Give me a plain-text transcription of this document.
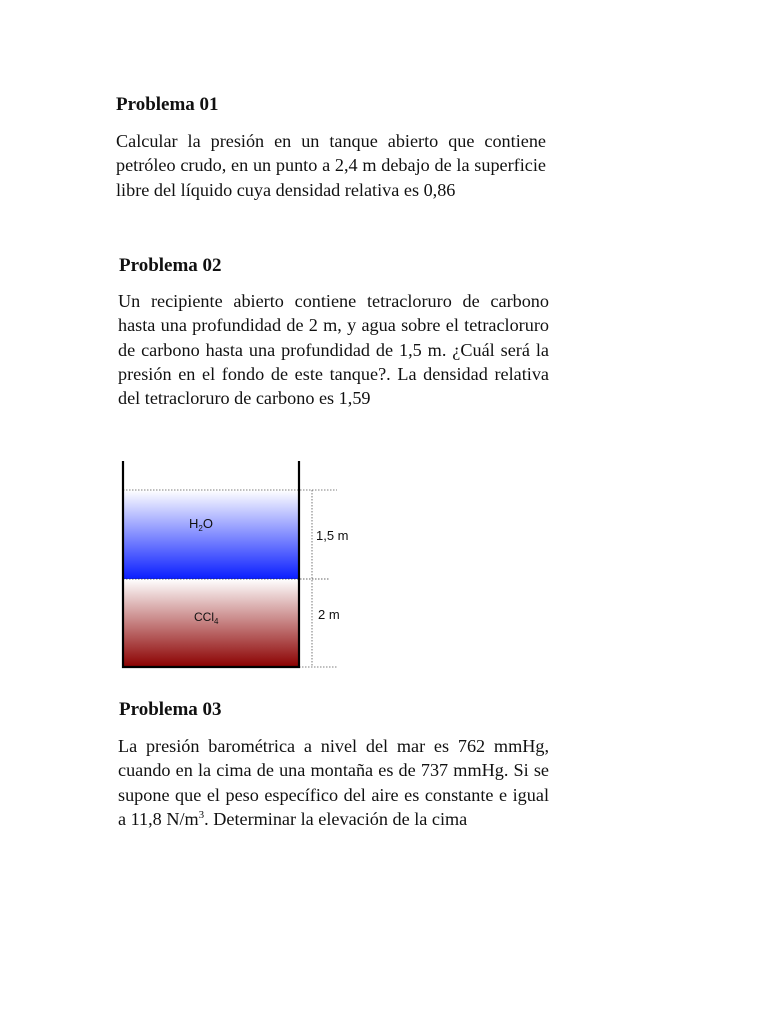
Problema 01

Calcular la presión en un tanque abierto que contiene petróleo crudo, en un punto a 2,4 m debajo de la superficie libre del líquido cuya densidad relativa es 0,86

Problema 02

Un recipiente abierto contiene tetracloruro de carbono hasta una profundidad de 2 m, y agua sobre el tetracloruro de carbono hasta una profundidad de 1,5 m. ¿Cuál será la presión en el fondo de este tanque?. La densidad relativa del tetracloruro de carbono es 1,59

$H_2O$
CCl$_4$
1,5 m
2 m
Problema 03

La presión barométrica a nivel del mar es 762 mmHg, cuando en la cima de una montaña es de 737 mmHg. Si se supone que el peso específico del aire es constante e igual a 11,8 $N/m^3$. Determinar la elevación de la cima
